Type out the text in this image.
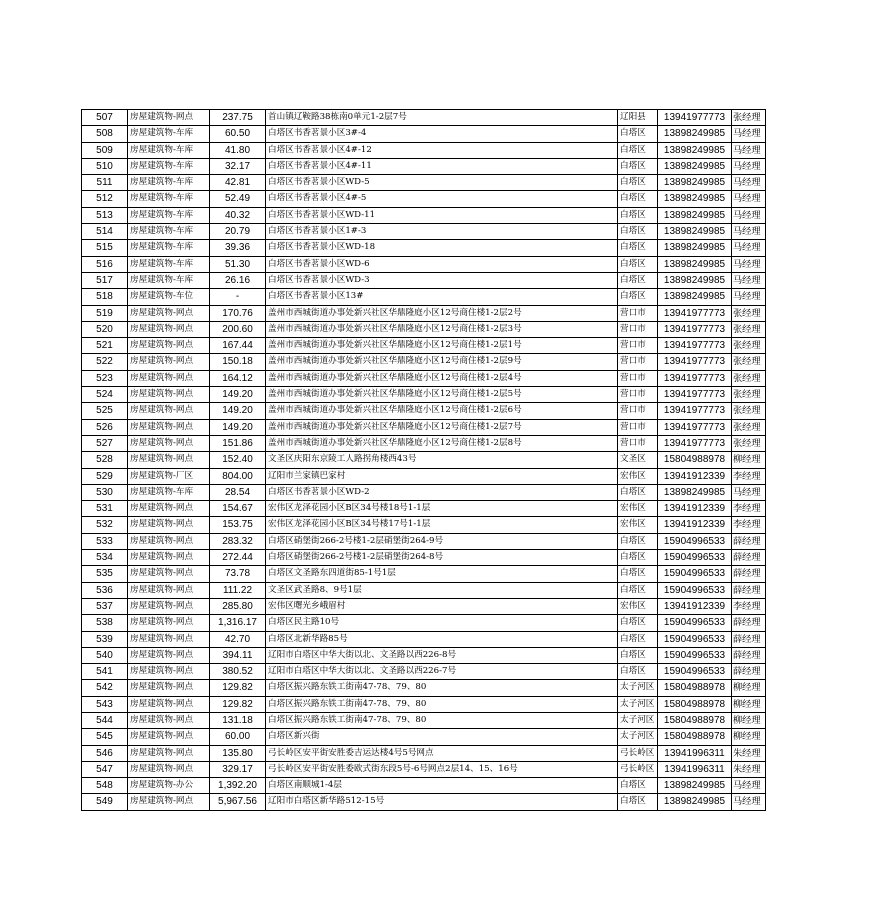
507	房屋建筑物-网点	237.75	首山镇辽鞍路38栋南0单元1-2层7号	辽阳县	13941977773	张经理
508	房屋建筑物-车库	60.50	白塔区书香茗景小区3#-4	白塔区	13898249985	马经理
509	房屋建筑物-车库	41.80	白塔区书香茗景小区4#-12	白塔区	13898249985	马经理
510	房屋建筑物-车库	32.17	白塔区书香茗景小区4#-11	白塔区	13898249985	马经理
511	房屋建筑物-车库	42.81	白塔区书香茗景小区WD-5	白塔区	13898249985	马经理
512	房屋建筑物-车库	52.49	白塔区书香茗景小区4#-5	白塔区	13898249985	马经理
513	房屋建筑物-车库	40.32	白塔区书香茗景小区WD-11	白塔区	13898249985	马经理
514	房屋建筑物-车库	20.79	白塔区书香茗景小区1#-3	白塔区	13898249985	马经理
515	房屋建筑物-车库	39.36	白塔区书香茗景小区WD-18	白塔区	13898249985	马经理
516	房屋建筑物-车库	51.30	白塔区书香茗景小区WD-6	白塔区	13898249985	马经理
517	房屋建筑物-车库	26.16	白塔区书香茗景小区WD-3	白塔区	13898249985	马经理
518	房屋建筑物-车位	-	白塔区书香茗景小区13#	白塔区	13898249985	马经理
519	房屋建筑物-网点	170.76	盖州市西城街道办事处新兴社区华鼎隆庭小区12号商住楼1-2层2号	营口市	13941977773	张经理
520	房屋建筑物-网点	200.60	盖州市西城街道办事处新兴社区华鼎隆庭小区12号商住楼1-2层3号	营口市	13941977773	张经理
521	房屋建筑物-网点	167.44	盖州市西城街道办事处新兴社区华鼎隆庭小区12号商住楼1-2层1号	营口市	13941977773	张经理
522	房屋建筑物-网点	150.18	盖州市西城街道办事处新兴社区华鼎隆庭小区12号商住楼1-2层9号	营口市	13941977773	张经理
523	房屋建筑物-网点	164.12	盖州市西城街道办事处新兴社区华鼎隆庭小区12号商住楼1-2层4号	营口市	13941977773	张经理
524	房屋建筑物-网点	149.20	盖州市西城街道办事处新兴社区华鼎隆庭小区12号商住楼1-2层5号	营口市	13941977773	张经理
525	房屋建筑物-网点	149.20	盖州市西城街道办事处新兴社区华鼎隆庭小区12号商住楼1-2层6号	营口市	13941977773	张经理
526	房屋建筑物-网点	149.20	盖州市西城街道办事处新兴社区华鼎隆庭小区12号商住楼1-2层7号	营口市	13941977773	张经理
527	房屋建筑物-网点	151.86	盖州市西城街道办事处新兴社区华鼎隆庭小区12号商住楼1-2层8号	营口市	13941977773	张经理
528	房屋建筑物-网点	152.40	文圣区庆阳东京陵工人路拐角楼西43号	文圣区	15804988978	柳经理
529	房屋建筑物-厂区	804.00	辽阳市兰家镇巴家村	宏伟区	13941912339	李经理
530	房屋建筑物-车库	28.54	白塔区书香茗景小区WD-2	白塔区	13898249985	马经理
531	房屋建筑物-网点	154.67	宏伟区龙泽花园小区B区34号楼18号1-1层	宏伟区	13941912339	李经理
532	房屋建筑物-网点	153.75	宏伟区龙泽花园小区B区34号楼17号1-1层	宏伟区	13941912339	李经理
533	房屋建筑物-网点	283.32	白塔区硝堡街266-2号楼1-2层硝堡街264-9号	白塔区	15904996533	薛经理
534	房屋建筑物-网点	272.44	白塔区硝堡街266-2号楼1-2层硝堡街264-8号	白塔区	15904996533	薛经理
535	房屋建筑物-网点	73.78	白塔区文圣路东四道街85-1号1层	白塔区	15904996533	薛经理
536	房屋建筑物-网点	111.22	文圣区武圣路8、9号1层	白塔区	15904996533	薛经理
537	房屋建筑物-网点	285.80	宏伟区曙光乡峨眉村	宏伟区	13941912339	李经理
538	房屋建筑物-网点	1,316.17	白塔区民主路10号	白塔区	15904996533	薛经理
539	房屋建筑物-网点	42.70	白塔区北新华路85号	白塔区	15904996533	薛经理
540	房屋建筑物-网点	394.11	辽阳市白塔区中华大街以北、文圣路以西226-8号	白塔区	15904996533	薛经理
541	房屋建筑物-网点	380.52	辽阳市白塔区中华大街以北、文圣路以西226-7号	白塔区	15904996533	薛经理
542	房屋建筑物-网点	129.82	白塔区振兴路东铁工街南47-78、79、80	太子河区	15804988978	柳经理
543	房屋建筑物-网点	129.82	白塔区振兴路东铁工街南47-78、79、80	太子河区	15804988978	柳经理
544	房屋建筑物-网点	131.18	白塔区振兴路东铁工街南47-78、79、80	太子河区	15804988978	柳经理
545	房屋建筑物-网点	60.00	白塔区新兴街	太子河区	15804988978	柳经理
546	房屋建筑物-网点	135.80	弓长岭区安平街安胜委吉运达楼4号5号网点	弓长岭区	13941996311	朱经理
547	房屋建筑物-网点	329.17	弓长岭区安平街安胜委欧式街东段5号-6号网点2层14、15、16号	弓长岭区	13941996311	朱经理
548	房屋建筑物-办公	1,392.20	白塔区南顺城1-4层	白塔区	13898249985	马经理
549	房屋建筑物-网点	5,967.56	辽阳市白塔区新华路512-15号	白塔区	13898249985	马经理
